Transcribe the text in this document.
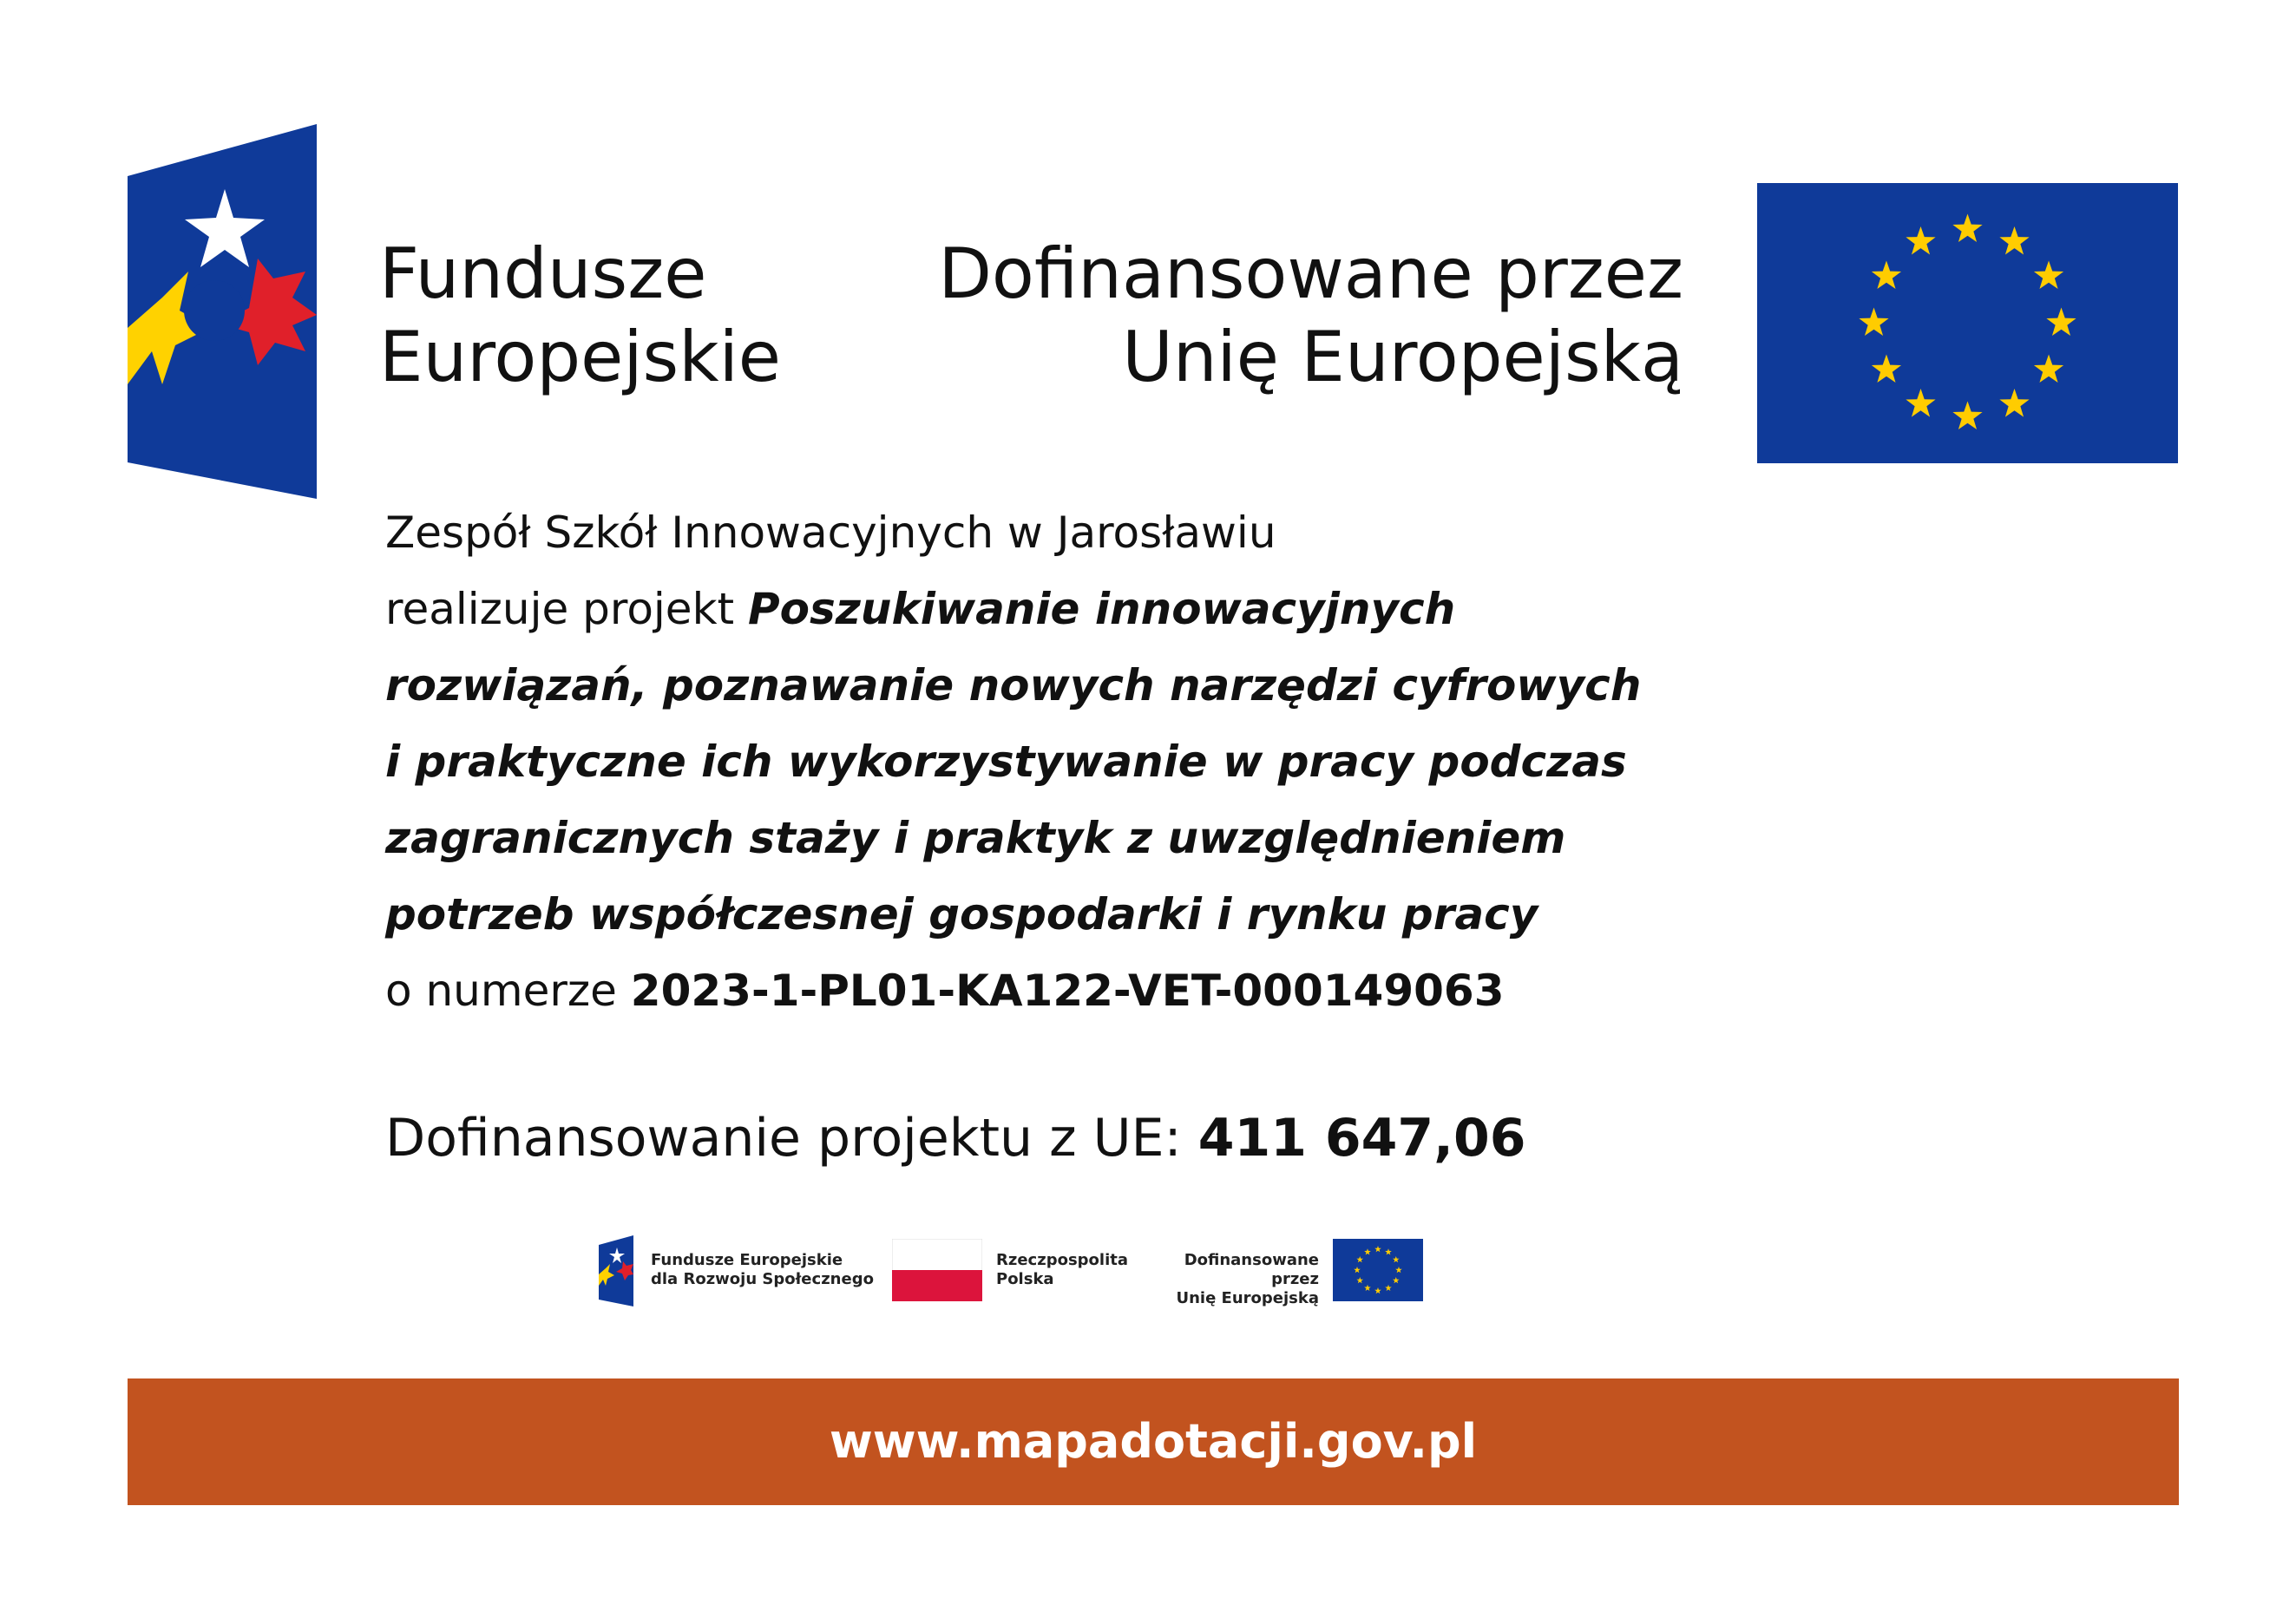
Fundusze
Europejskie
Dofinansowane przez
Unię Europejską
Zespół Szkół Innowacyjnych w Jarosławiu
realizuje projekt Poszukiwanie innowacyjnych
rozwiązań, poznawanie nowych narzędzi cyfrowych
i praktyczne ich wykorzystywanie w pracy podczas
zagranicznych staży i praktyk z uwzględnieniem
potrzeb współczesnej gospodarki i rynku pracy
o numerze 2023-1-PL01-KA122-VET-000149063
Dofinansowanie projektu z UE: 411 647,06
Fundusze Europejskie
dla Rozwoju Społecznego
Rzeczpospolita
Polska
Dofinansowane przez
Unię Europejską
www.mapadotacji.gov.pl
